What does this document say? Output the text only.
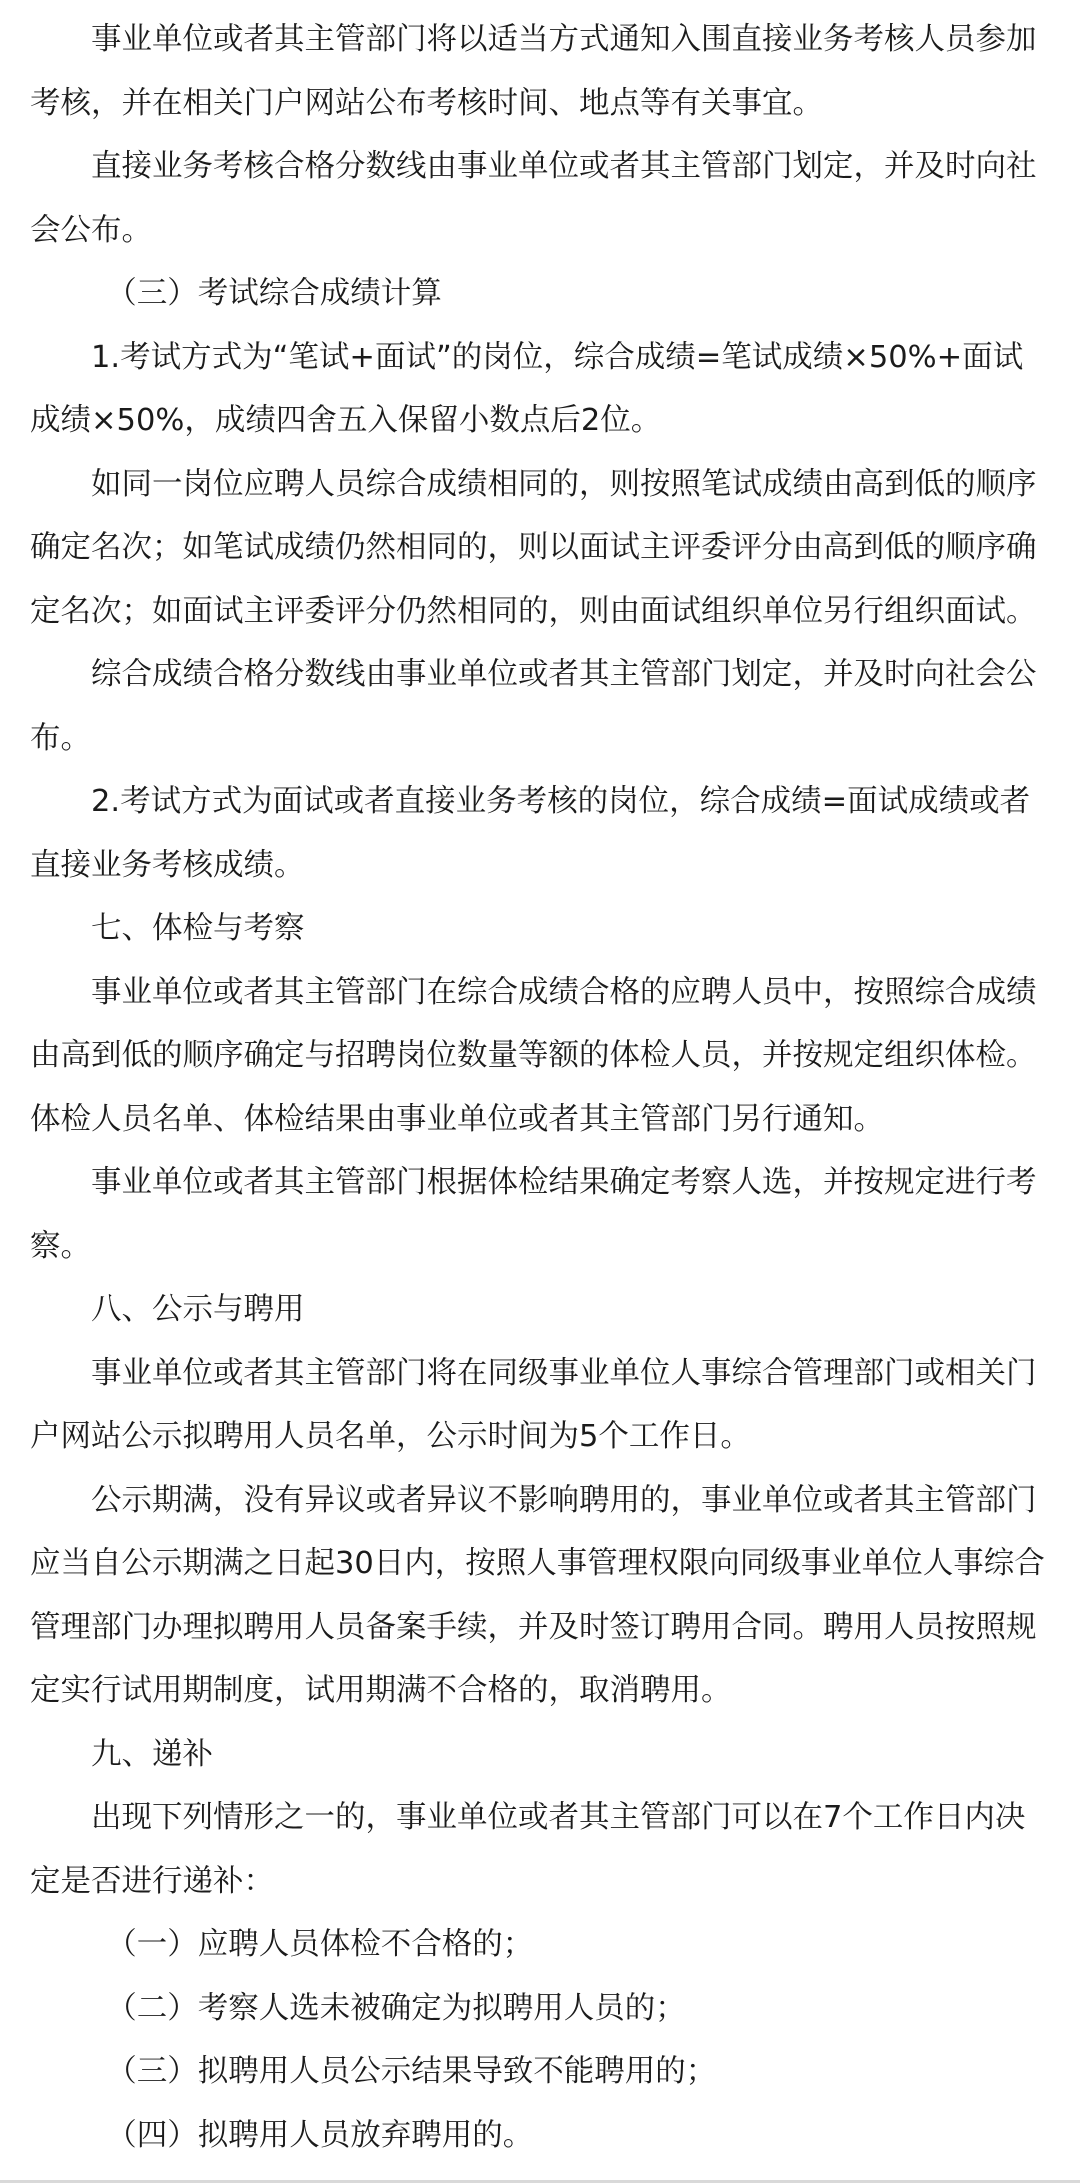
事业单位或者其主管部门将以适当方式通知入围直接业务考核人员参加考核，并在相关门户网站公布考核时间、地点等有关事宜。

直接业务考核合格分数线由事业单位或者其主管部门划定，并及时向社会公布。

（三）考试综合成绩计算

1.考试方式为“笔试+面试”的岗位，综合成绩=笔试成绩×50%+面试成绩×50%，成绩四舍五入保留小数点后2位。

如同一岗位应聘人员综合成绩相同的，则按照笔试成绩由高到低的顺序确定名次；如笔试成绩仍然相同的，则以面试主评委评分由高到低的顺序确定名次；如面试主评委评分仍然相同的，则由面试组织单位另行组织面试。

综合成绩合格分数线由事业单位或者其主管部门划定，并及时向社会公布。

2.考试方式为面试或者直接业务考核的岗位，综合成绩=面试成绩或者直接业务考核成绩。

七、体检与考察

事业单位或者其主管部门在综合成绩合格的应聘人员中，按照综合成绩由高到低的顺序确定与招聘岗位数量等额的体检人员，并按规定组织体检。体检人员名单、体检结果由事业单位或者其主管部门另行通知。

事业单位或者其主管部门根据体检结果确定考察人选，并按规定进行考察。

八、公示与聘用

事业单位或者其主管部门将在同级事业单位人事综合管理部门或相关门户网站公示拟聘用人员名单，公示时间为5个工作日。

公示期满，没有异议或者异议不影响聘用的，事业单位或者其主管部门应当自公示期满之日起30日内，按照人事管理权限向同级事业单位人事综合管理部门办理拟聘用人员备案手续，并及时签订聘用合同。聘用人员按照规定实行试用期制度，试用期满不合格的，取消聘用。

九、递补

出现下列情形之一的，事业单位或者其主管部门可以在7个工作日内决定是否进行递补：

（一）应聘人员体检不合格的；

（二）考察人选未被确定为拟聘用人员的；

（三）拟聘用人员公示结果导致不能聘用的；

（四）拟聘用人员放弃聘用的。
